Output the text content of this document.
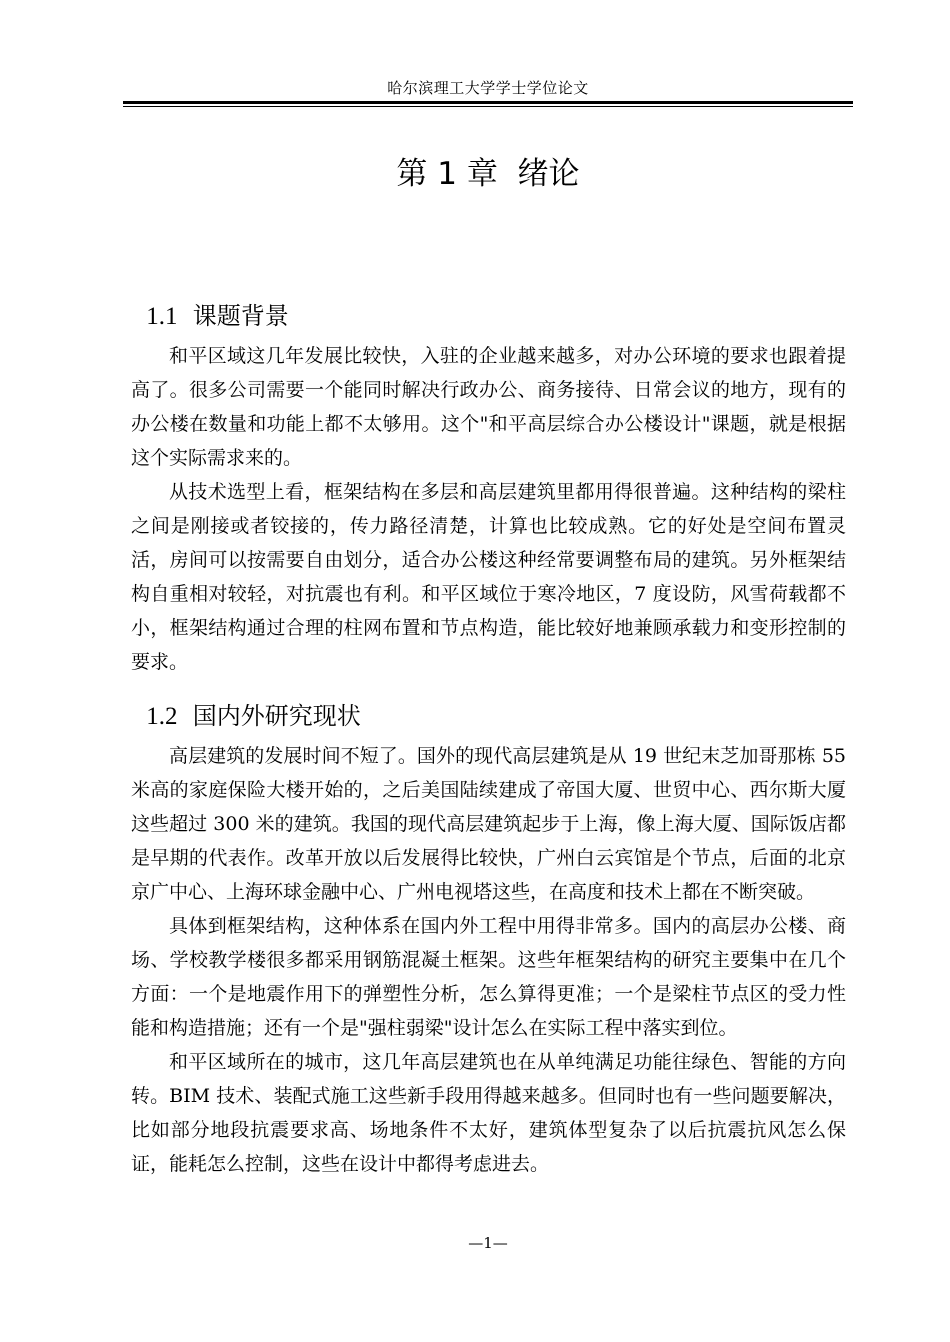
哈尔滨理工大学学士学位论文
第 1 章  绪论

1.1 课题背景

和平区域这几年发展比较快，入驻的企业越来越多，对办公环境的要求也跟着提高了。很多公司需要一个能同时解决行政办公、商务接待、日常会议的地方，现有的办公楼在数量和功能上都不太够用。这个"和平高层综合办公楼设计"课题，就是根据这个实际需求来的。

从技术选型上看，框架结构在多层和高层建筑里都用得很普遍。这种结构的梁柱之间是刚接或者铰接的，传力路径清楚，计算也比较成熟。它的好处是空间布置灵活，房间可以按需要自由划分，适合办公楼这种经常要调整布局的建筑。另外框架结构自重相对较轻，对抗震也有利。和平区域位于寒冷地区，7 度设防，风雪荷载都不小，框架结构通过合理的柱网布置和节点构造，能比较好地兼顾承载力和变形控制的要求。

1.2 国内外研究现状

高层建筑的发展时间不短了。国外的现代高层建筑是从 19 世纪末芝加哥那栋 55 米高的家庭保险大楼开始的，之后美国陆续建成了帝国大厦、世贸中心、西尔斯大厦这些超过 300 米的建筑。我国的现代高层建筑起步于上海，像上海大厦、国际饭店都是早期的代表作。改革开放以后发展得比较快，广州白云宾馆是个节点，后面的北京京广中心、上海环球金融中心、广州电视塔这些，在高度和技术上都在不断突破。

具体到框架结构，这种体系在国内外工程中用得非常多。国内的高层办公楼、商场、学校教学楼很多都采用钢筋混凝土框架。这些年框架结构的研究主要集中在几个方面：一个是地震作用下的弹塑性分析，怎么算得更准；一个是梁柱节点区的受力性能和构造措施；还有一个是"强柱弱梁"设计怎么在实际工程中落实到位。

和平区域所在的城市，这几年高层建筑也在从单纯满足功能往绿色、智能的方向转。BIM 技术、装配式施工这些新手段用得越来越多。但同时也有一些问题要解决，比如部分地段抗震要求高、场地条件不太好，建筑体型复杂了以后抗震抗风怎么保证，能耗怎么控制，这些在设计中都得考虑进去。

—1—
